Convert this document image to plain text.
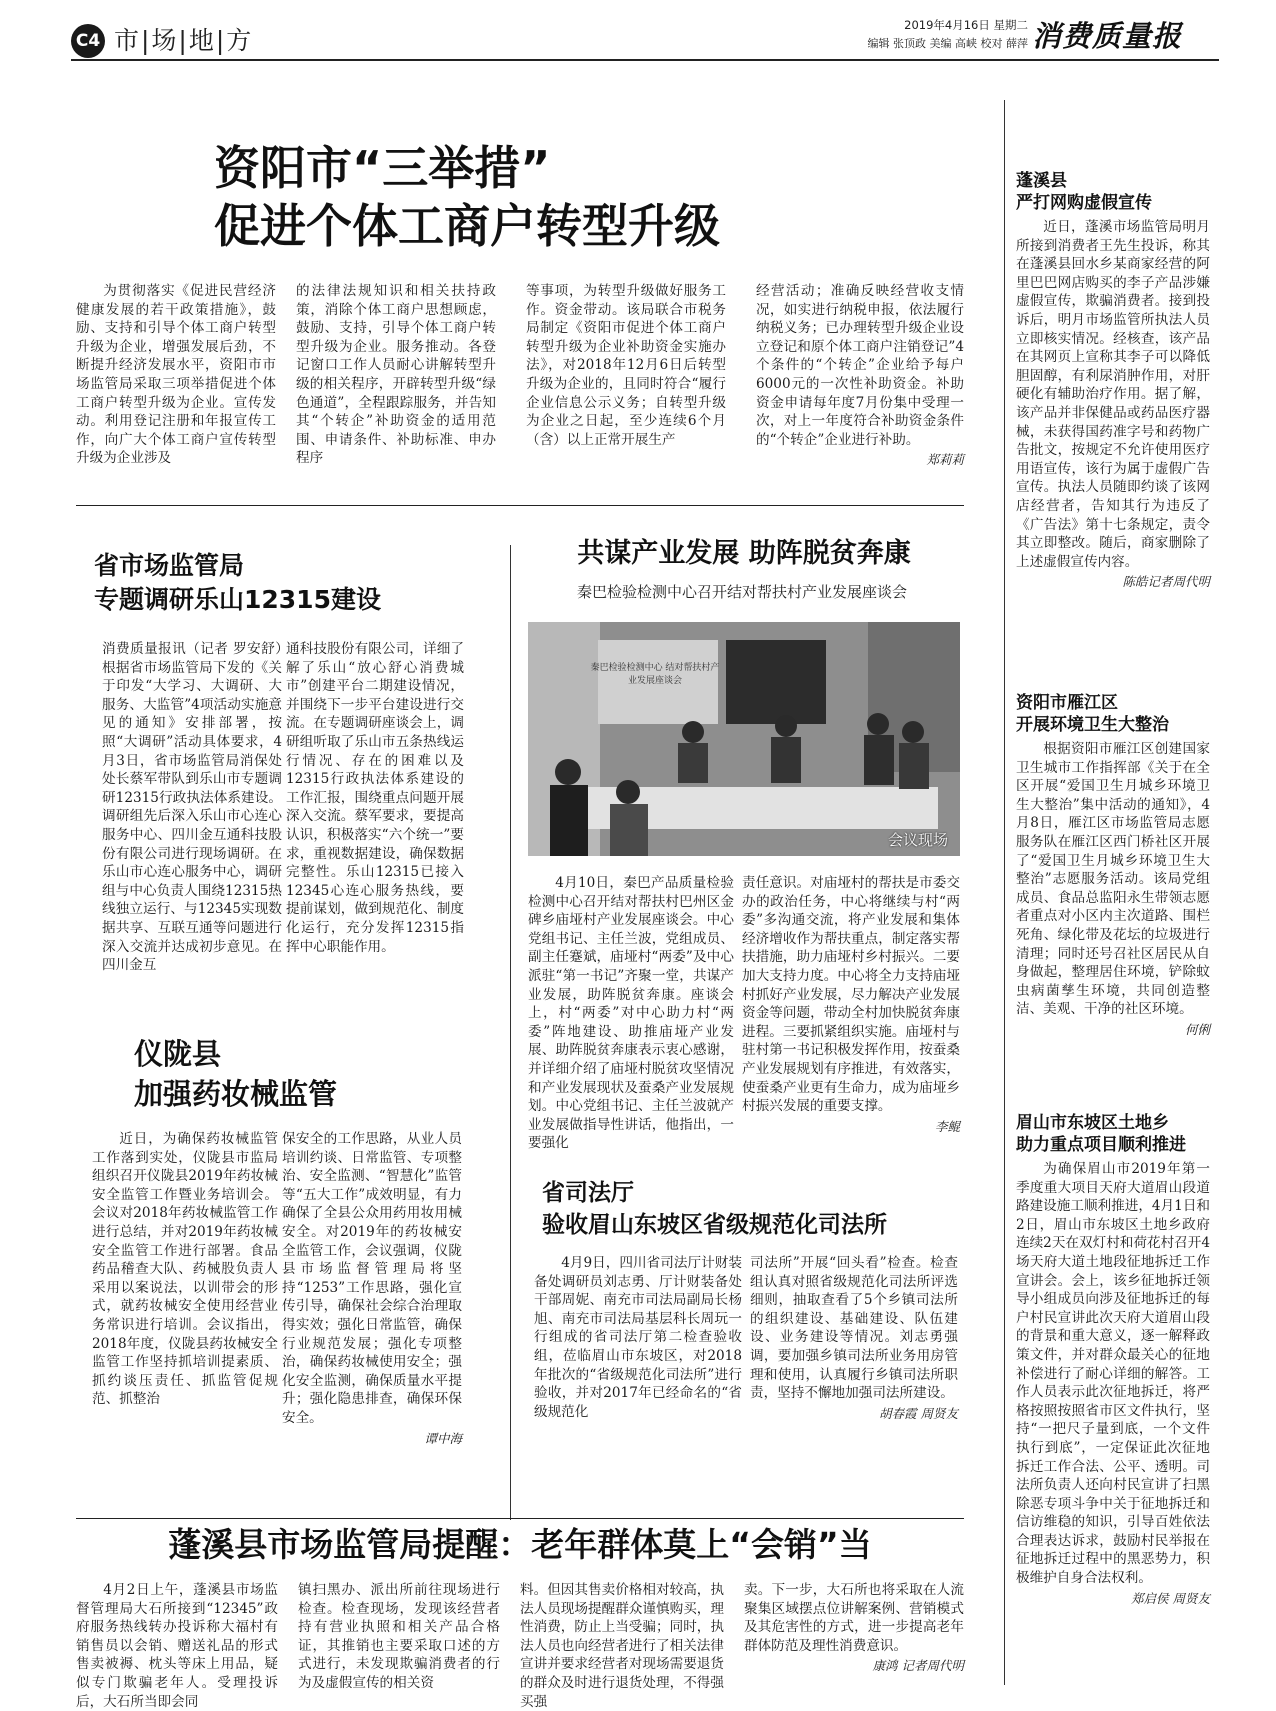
C4 市|场|地|方
2019年4月16日 星期二
编辑 张顶政 美编 高峡 校对 薛萍 消费质量报
资阳市“三举措”
促进个体工商户转型升级

为贯彻落实《促进民营经济健康发展的若干政策措施》，鼓励、支持和引导个体工商户转型升级为企业，增强发展后劲，不断提升经济发展水平，资阳市市场监管局采取三项举措促进个体工商户转型升级为企业。宣传发动。利用登记注册和年报宣传工作，向广大个体工商户宣传转型升级为企业涉及

的法律法规知识和相关扶持政策，消除个体工商户思想顾虑，鼓励、支持，引导个体工商户转型升级为企业。服务推动。各登记窗口工作人员耐心讲解转型升级的相关程序，开辟转型升级“绿色通道”，全程跟踪服务，并告知其“个转企”补助资金的适用范围、申请条件、补助标准、申办程序

等事项，为转型升级做好服务工作。资金带动。该局联合市税务局制定《资阳市促进个体工商户转型升级为企业补助资金实施办法》，对2018年12月6日后转型升级为企业的，且同时符合“履行企业信息公示义务；自转型升级为企业之日起，至少连续6个月（含）以上正常开展生产

经营活动；准确反映经营收支情况，如实进行纳税申报，依法履行纳税义务；已办理转型升级企业设立登记和原个体工商户注销登记”4个条件的“个转企”企业给予每户6000元的一次性补助资金。补助资金申请每年度7月份集中受理一次，对上一年度符合补助资金条件的“个转企”企业进行补助。

郑莉莉
省市场监管局
专题调研乐山12315建设

消费质量报讯（记者 罗安舒）根据省市场监管局下发的《关于印发“大学习、大调研、大服务、大监管”4项活动实施意见的通知》安排部署，按照“大调研”活动具体要求，4月3日，省市场监管局消保处处长蔡军带队到乐山市专题调研12315行政执法体系建设。调研组先后深入乐山市心连心服务中心、四川金互通科技股份有限公司进行现场调研。在乐山市心连心服务中心，调研组与中心负责人围绕12315热线独立运行、与12345实现数据共享、互联互通等问题进行深入交流并达成初步意见。在四川金互

通科技股份有限公司，详细了解了乐山“放心舒心消费城市”创建平台二期建设情况，并围绕下一步平台建设进行交流。在专题调研座谈会上，调研组听取了乐山市五条热线运行情况、存在的困难以及12315行政执法体系建设的工作汇报，围绕重点问题开展深入交流。蔡军要求，要提高认识，积极落实“六个统一”要求，重视数据建设，确保数据完整性。乐山12315已接入12345心连心服务热线，要提前谋划，做到规范化、制度化运行，充分发挥12315指挥中心职能作用。

仪陇县
加强药妆械监管

近日，为确保药妆械监管工作落到实处，仪陇县市监局组织召开仪陇县2019年药妆械安全监管工作暨业务培训会。会议对2018年药妆械监管工作进行总结，并对2019年药妆械安全监管工作进行部署。食品药品稽查大队、药械股负责人采用以案说法，以训带会的形式，就药妆械安全使用经营业务常识进行培训。会议指出，2018年度，仪陇县药妆械安全监管工作坚持抓培训提素质、抓约谈压责任、抓监管促规范、抓整治

保安全的工作思路，从业人员培训约谈、日常监管、专项整治、安全监测、“智慧化”监管等“五大工作”成效明显，有力确保了全县公众用药用妆用械安全。对2019年的药妆械安全监管工作，会议强调，仪陇县市场监督管理局将坚持“1253”工作思路，强化宣传引导，确保社会综合治理取得实效；强化日常监管，确保行业规范发展；强化专项整治，确保药妆械使用安全；强化安全监测，确保质量水平提升；强化隐患排查，确保环保安全。

谭中海
共谋产业发展 助阵脱贫奔康
秦巴检验检测中心召开结对帮扶村产业发展座谈会
秦巴检验检测中心 结对帮扶村产业发展座谈会
会议现场

4月10日，秦巴产品质量检验检测中心召开结对帮扶村巴州区金碑乡庙垭村产业发展座谈会。中心党组书记、主任兰波，党组成员、副主任蹇斌，庙垭村“两委”及中心派驻“第一书记”齐聚一堂，共谋产业发展，助阵脱贫奔康。座谈会上，村“两委”对中心助力村“两委”阵地建设、助推庙垭产业发展、助阵脱贫奔康表示衷心感谢，并详细介绍了庙垭村脱贫攻坚情况和产业发展现状及蚕桑产业发展规划。中心党组书记、主任兰波就产业发展做指导性讲话，他指出，一要强化

责任意识。对庙垭村的帮扶是市委交办的政治任务，中心将继续与村“两委”多沟通交流，将产业发展和集体经济增收作为帮扶重点，制定落实帮扶措施，助力庙垭村乡村振兴。二要加大支持力度。中心将全力支持庙垭村抓好产业发展，尽力解决产业发展资金等问题，带动全村加快脱贫奔康进程。三要抓紧组织实施。庙垭村与驻村第一书记积极发挥作用，按蚕桑产业发展规划有序推进，有效落实，使蚕桑产业更有生命力，成为庙垭乡村振兴发展的重要支撑。

李鲲
省司法厅
验收眉山东坡区省级规范化司法所

4月9日，四川省司法厅计财装备处调研员刘志勇、厅计财装备处干部周妮、南充市司法局副局长杨旭、南充市司法局基层科长周玩一行组成的省司法厅第二检查验收组，莅临眉山市东坡区，对2018年批次的“省级规范化司法所”进行验收，并对2017年已经命名的“省级规范化

司法所”开展“回头看”检查。检查组认真对照省级规范化司法所评选细则，抽取查看了5个乡镇司法所的组织建设、基础建设、队伍建设、业务建设等情况。刘志勇强调，要加强乡镇司法所业务用房管理和使用，认真履行乡镇司法所职责，坚持不懈地加强司法所建设。

胡春霞 周贤友
蓬溪县市场监管局提醒：老年群体莫上“会销”当

4月2日上午，蓬溪县市场监督管理局大石所接到“12345”政府服务热线转办投诉称大福村有销售员以会销、赠送礼品的形式售卖被褥、枕头等床上用品，疑似专门欺骗老年人。受理投诉后，大石所当即会同

镇扫黑办、派出所前往现场进行检查。检查现场，发现该经营者持有营业执照和相关产品合格证，其推销也主要采取口述的方式进行，未发现欺骗消费者的行为及虚假宣传的相关资

料。但因其售卖价格相对较高，执法人员现场提醒群众谨慎购买，理性消费，防止上当受骗；同时，执法人员也向经营者进行了相关法律宣讲并要求经营者对现场需要退货的群众及时进行退货处理，不得强买强

卖。下一步，大石所也将采取在人流聚集区域摆点位讲解案例、营销模式及其危害性的方式，进一步提高老年群体防范及理性消费意识。

康鸿 记者周代明
蓬溪县
严打网购虚假宣传

近日，蓬溪市场监管局明月所接到消费者王先生投诉，称其在蓬溪县回水乡某商家经营的阿里巴巴网店购买的李子产品涉嫌虚假宣传，欺骗消费者。接到投诉后，明月市场监管所执法人员立即核实情况。经核查，该产品在其网页上宣称其李子可以降低胆固醇，有利尿消肿作用，对肝硬化有辅助治疗作用。据了解，该产品并非保健品或药品医疗器械，未获得国药准字号和药物广告批文，按规定不允许使用医疗用语宣传，该行为属于虚假广告宣传。执法人员随即约谈了该网店经营者，告知其行为违反了《广告法》第十七条规定，责令其立即整改。随后，商家删除了上述虚假宣传内容。

陈皓记者周代明
资阳市雁江区
开展环境卫生大整治

根据资阳市雁江区创建国家卫生城市工作指挥部《关于在全区开展“爱国卫生月城乡环境卫生大整治”集中活动的通知》，4月8日，雁江区市场监管局志愿服务队在雁江区西门桥社区开展了“爱国卫生月城乡环境卫生大整治”志愿服务活动。该局党组成员、食品总监阳永生带领志愿者重点对小区内主次道路、围栏死角、绿化带及花坛的垃圾进行清理；同时还号召社区居民从自身做起，整理居住环境，铲除蚊虫病菌孳生环境，共同创造整洁、美观、干净的社区环境。

何俐
眉山市东坡区土地乡
助力重点项目顺利推进

为确保眉山市2019年第一季度重大项目天府大道眉山段道路建设施工顺利推进，4月1日和2日，眉山市东坡区土地乡政府连续2天在双灯村和荷花村召开4场天府大道土地段征地拆迁工作宣讲会。会上，该乡征地拆迁领导小组成员向涉及征地拆迁的每户村民宣讲此次天府大道眉山段的背景和重大意义，逐一解释政策文件，并对群众最关心的征地补偿进行了耐心详细的解答。工作人员表示此次征地拆迁，将严格按照按照省市区文件执行，坚持“一把尺子量到底，一个文件执行到底”，一定保证此次征地拆迁工作合法、公平、透明。司法所负责人还向村民宣讲了扫黑除恶专项斗争中关于征地拆迁和信访维稳的知识，引导百姓依法合理表达诉求，鼓励村民举报在征地拆迁过程中的黑恶势力，积极维护自身合法权利。

郑启侯 周贤友
